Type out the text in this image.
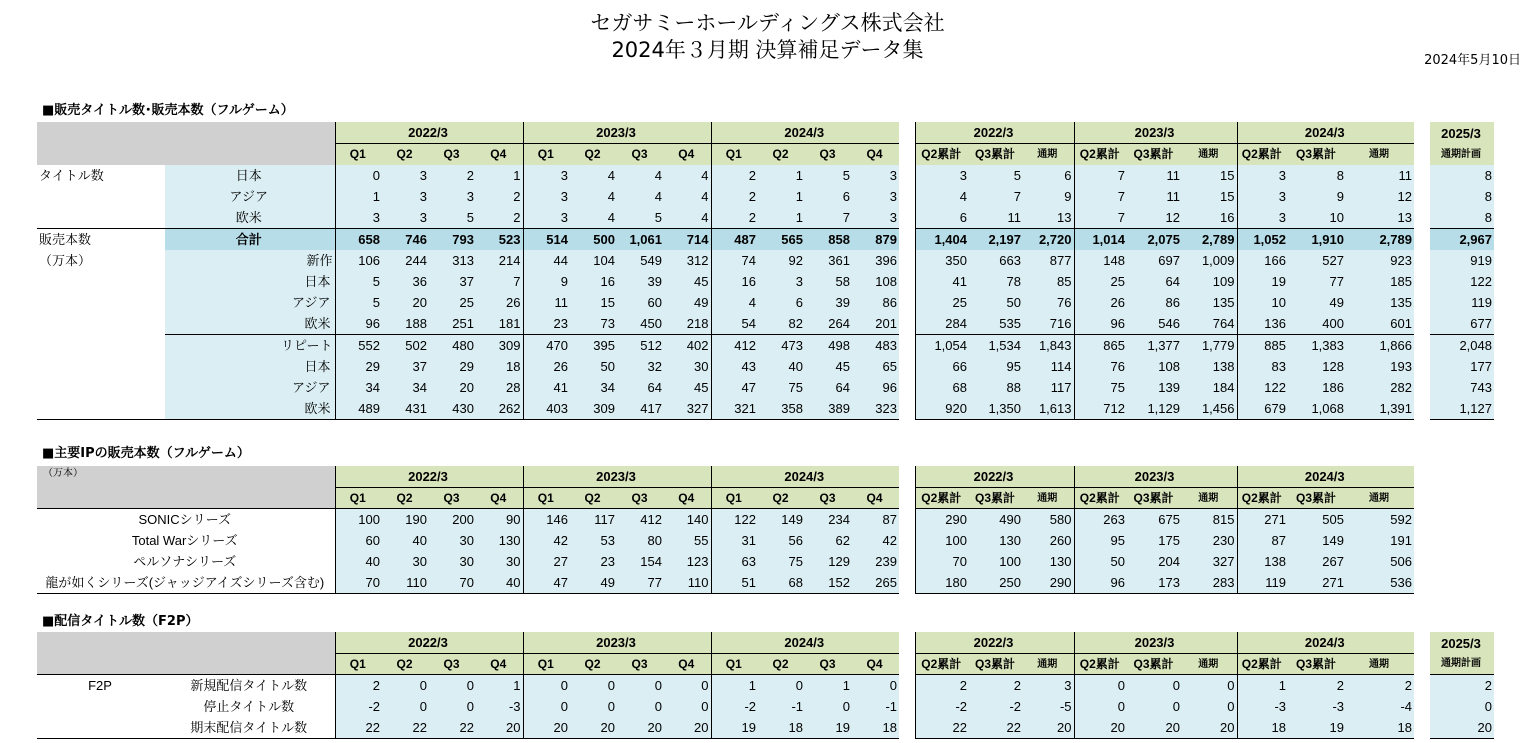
セガサミーホールディングス株式会社
2024年３月期 決算補足データ集	2024年5月10日
■販売タイトル数･販売本数（フルゲーム）
■主要IPの販売本数（フルゲーム）
■配信タイトル数（F2P）
		2022/3				2023/3				2024/3					2022/3			2023/3			2024/3				2025/3
		Q1	Q2	Q3	Q4	Q1	Q2	Q3	Q4	Q1	Q2	Q3	Q4		Q2累計	Q3累計	通期	Q2累計	Q3累計	通期	Q2累計	Q3累計	通期		通期計画
タイトル数	日本	0	3	2	1	3	4	4	4	2	1	5	3		3	5	6	7	11	15	3	8	11		8
	アジア	1	3	3	2	3	4	4	4	2	1	6	3		4	7	9	7	11	15	3	9	12		8
	欧米	3	3	5	2	3	4	5	4	2	1	7	3		6	11	13	7	12	16	3	10	13		8
販売本数	合計	658	746	793	523	514	500	1,061	714	487	565	858	879		1,404	2,197	2,720	1,014	2,075	2,789	1,052	1,910	2,789		2,967
（万本）	新作	106	244	313	214	44	104	549	312	74	92	361	396		350	663	877	148	697	1,009	166	527	923		919
	日本	5	36	37	7	9	16	39	45	16	3	58	108		41	78	85	25	64	109	19	77	185		122
	アジア	5	20	25	26	11	15	60	49	4	6	39	86		25	50	76	26	86	135	10	49	135		119
	欧米	96	188	251	181	23	73	450	218	54	82	264	201		284	535	716	96	546	764	136	400	601		677
	リピート	552	502	480	309	470	395	512	402	412	473	498	483		1,054	1,534	1,843	865	1,377	1,779	885	1,383	1,866		2,048
	日本	29	37	29	18	26	50	32	30	43	40	45	65		66	95	114	76	108	138	83	128	193		177
	アジア	34	34	20	28	41	34	64	45	47	75	64	96		68	88	117	75	139	184	122	186	282		743
	欧米	489	431	430	262	403	309	417	327	321	358	389	323		920	1,350	1,613	712	1,129	1,456	679	1,068	1,391		1,127
（万本）	2022/3				2023/3				2024/3					2022/3			2023/3			2024/3		
	Q1	Q2	Q3	Q4	Q1	Q2	Q3	Q4	Q1	Q2	Q3	Q4		Q2累計	Q3累計	通期	Q2累計	Q3累計	通期	Q2累計	Q3累計	通期
SONICシリーズ	100	190	200	90	146	117	412	140	122	149	234	87		290	490	580	263	675	815	271	505	592
Total Warシリーズ	60	40	30	130	42	53	80	55	31	56	62	42		100	130	260	95	175	230	87	149	191
ペルソナシリーズ	40	30	30	30	27	23	154	123	63	75	129	239		70	100	130	50	204	327	138	267	506
龍が如くシリーズ(ジャッジアイズシリーズ含む)	70	110	70	40	47	49	77	110	51	68	152	265		180	250	290	96	173	283	119	271	536
		2022/3				2023/3				2024/3					2022/3			2023/3			2024/3				2025/3
		Q1	Q2	Q3	Q4	Q1	Q2	Q3	Q4	Q1	Q2	Q3	Q4		Q2累計	Q3累計	通期	Q2累計	Q3累計	通期	Q2累計	Q3累計	通期		通期計画
F2P	新規配信タイトル数	2	0	0	1	0	0	0	0	1	0	1	0		2	2	3	0	0	0	1	2	2		2
	停止タイトル数	-2	0	0	-3	0	0	0	0	-2	-1	0	-1		-2	-2	-5	0	0	0	-3	-3	-4		0
	期末配信タイトル数	22	22	22	20	20	20	20	20	19	18	19	18		22	22	20	20	20	20	18	19	18		20
